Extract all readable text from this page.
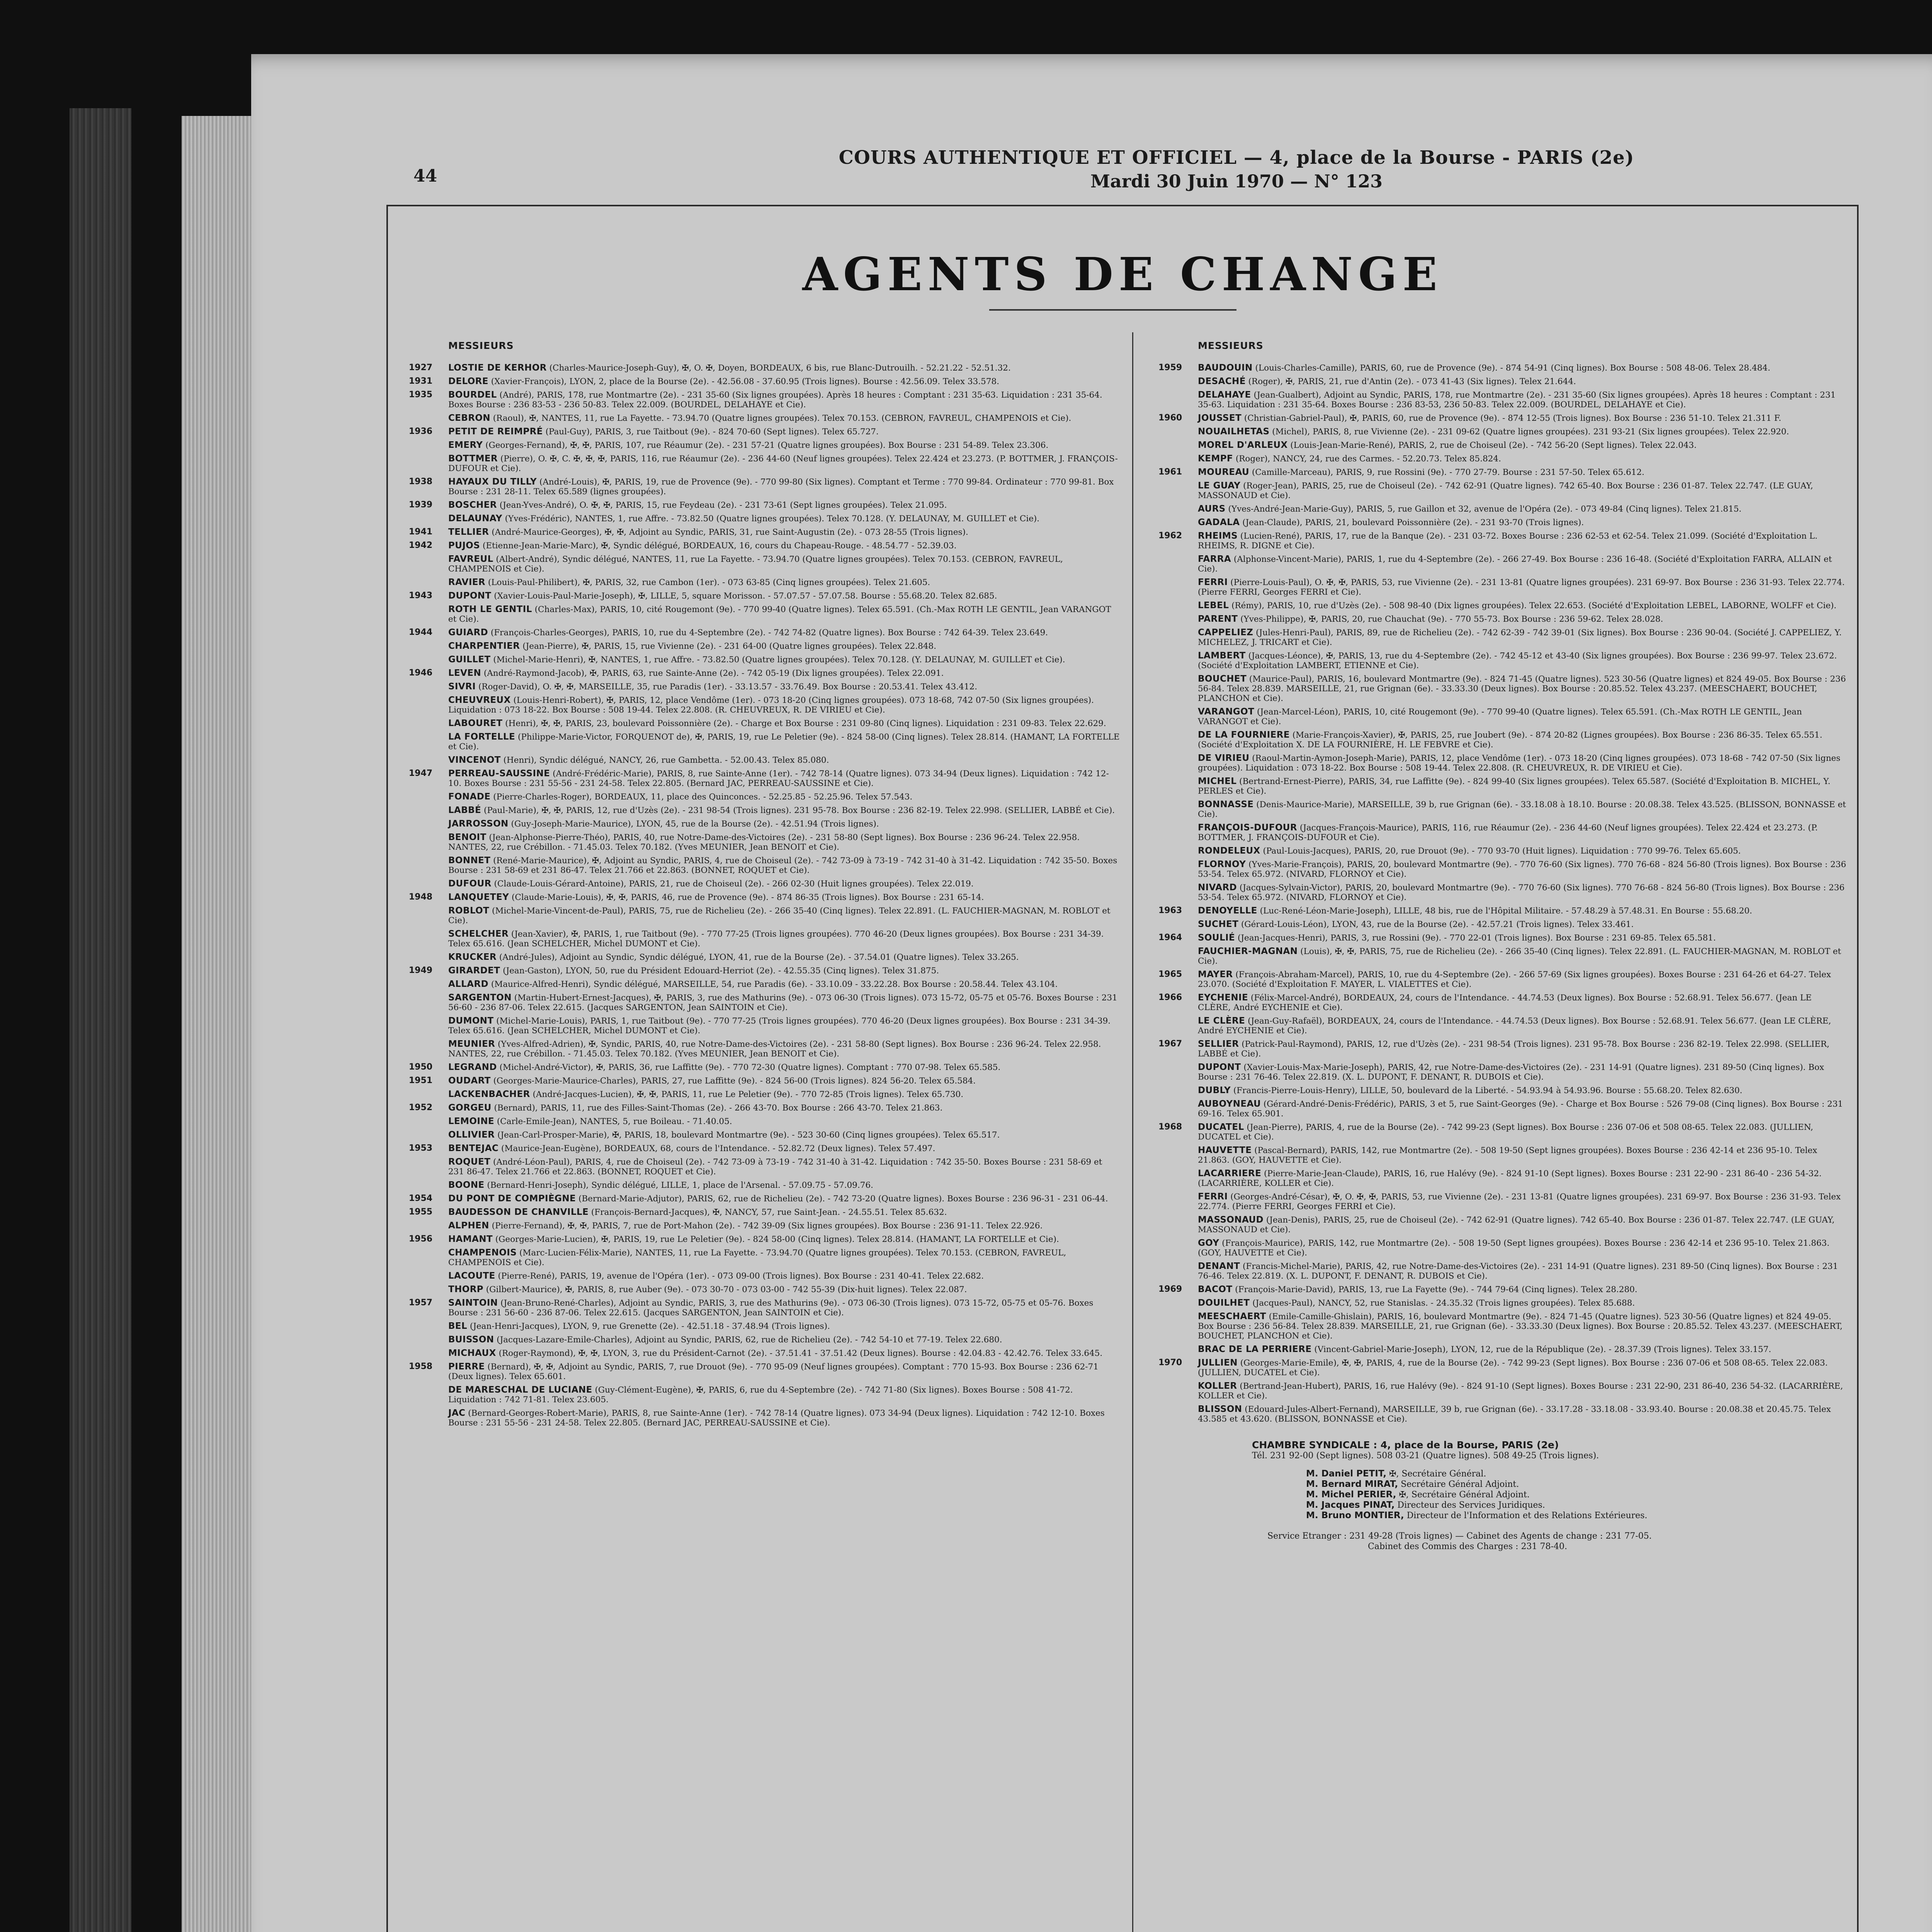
44
COURS AUTHENTIQUE ET OFFICIEL — 4, place de la Bourse - PARIS (2e)
Mardi 30 Juin 1970 — N° 123
AGENTS DE CHANGE
MESSIEURS
1927	LOSTIE DE KERHOR (Charles-Maurice-Joseph-Guy), ✠, O. ✠, Doyen, BORDEAUX, 6 bis, rue Blanc-Dutrouilh. - 52.21.22 - 52.51.32.
1931	DELORE (Xavier-François), LYON, 2, place de la Bourse (2e). - 42.56.08 - 37.60.95 (Trois lignes). Bourse : 42.56.09. Telex 33.578.
1935	BOURDEL (André), PARIS, 178, rue Montmartre (2e). - 231 35-60 (Six lignes groupées). Après 18 heures : Comptant : 231 35-63. Liquidation : 231 35-64. Boxes Bourse : 236 83-53 - 236 50-83. Telex 22.009. (BOURDEL, DELAHAYE et Cie).
CEBRON (Raoul), ✠, NANTES, 11, rue La Fayette. - 73.94.70 (Quatre lignes groupées). Telex 70.153. (CEBRON, FAVREUL, CHAMPENOIS et Cie).
1936	PETIT DE REIMPRÉ (Paul-Guy), PARIS, 3, rue Taitbout (9e). - 824 70-60 (Sept lignes). Telex 65.727.
EMERY (Georges-Fernand), ✠, ✠, PARIS, 107, rue Réaumur (2e). - 231 57-21 (Quatre lignes groupées). Box Bourse : 231 54-89. Telex 23.306.
BOTTMER (Pierre), O. ✠, C. ✠, ✠, ✠, PARIS, 116, rue Réaumur (2e). - 236 44-60 (Neuf lignes groupées). Telex 22.424 et 23.273. (P. BOTTMER, J. FRANÇOIS-DUFOUR et Cie).
1938	HAYAUX DU TILLY (André-Louis), ✠, PARIS, 19, rue de Provence (9e). - 770 99-80 (Six lignes). Comptant et Terme : 770 99-84. Ordinateur : 770 99-81. Box Bourse : 231 28-11. Telex 65.589 (lignes groupées).
1939	BOSCHER (Jean-Yves-André), O. ✠, ✠, PARIS, 15, rue Feydeau (2e). - 231 73-61 (Sept lignes groupées). Telex 21.095.
DELAUNAY (Yves-Frédéric), NANTES, 1, rue Affre. - 73.82.50 (Quatre lignes groupées). Telex 70.128. (Y. DELAUNAY, M. GUILLET et Cie).
1941	TELLIER (André-Maurice-Georges), ✠, ✠, Adjoint au Syndic, PARIS, 31, rue Saint-Augustin (2e). - 073 28-55 (Trois lignes).
1942	PUJOS (Etienne-Jean-Marie-Marc), ✠, Syndic délégué, BORDEAUX, 16, cours du Chapeau-Rouge. - 48.54.77 - 52.39.03.
FAVREUL (Albert-André), Syndic délégué, NANTES, 11, rue La Fayette. - 73.94.70 (Quatre lignes groupées). Telex 70.153. (CEBRON, FAVREUL, CHAMPENOIS et Cie).
RAVIER (Louis-Paul-Philibert), ✠, PARIS, 32, rue Cambon (1er). - 073 63-85 (Cinq lignes groupées). Telex 21.605.
1943	DUPONT (Xavier-Louis-Paul-Marie-Joseph), ✠, LILLE, 5, square Morisson. - 57.07.57 - 57.07.58. Bourse : 55.68.20. Telex 82.685.
ROTH LE GENTIL (Charles-Max), PARIS, 10, cité Rougemont (9e). - 770 99-40 (Quatre lignes). Telex 65.591. (Ch.-Max ROTH LE GENTIL, Jean VARANGOT et Cie).
1944	GUIARD (François-Charles-Georges), PARIS, 10, rue du 4-Septembre (2e). - 742 74-82 (Quatre lignes). Box Bourse : 742 64-39. Telex 23.649.
CHARPENTIER (Jean-Pierre), ✠, PARIS, 15, rue Vivienne (2e). - 231 64-00 (Quatre lignes groupées). Telex 22.848.
GUILLET (Michel-Marie-Henri), ✠, NANTES, 1, rue Affre. - 73.82.50 (Quatre lignes groupées). Telex 70.128. (Y. DELAUNAY, M. GUILLET et Cie).
1946	LEVEN (André-Raymond-Jacob), ✠, PARIS, 63, rue Sainte-Anne (2e). - 742 05-19 (Dix lignes groupées). Telex 22.091.
SIVRI (Roger-David), O. ✠, ✠, MARSEILLE, 35, rue Paradis (1er). - 33.13.57 - 33.76.49. Box Bourse : 20.53.41. Telex 43.412.
CHEUVREUX (Louis-Henri-Robert), ✠, PARIS, 12, place Vendôme (1er). - 073 18-20 (Cinq lignes groupées). 073 18-68, 742 07-50 (Six lignes groupées). Liquidation : 073 18-22. Box Bourse : 508 19-44. Telex 22.808. (R. CHEUVREUX, R. DE VIRIEU et Cie).
LABOURET (Henri), ✠, ✠, PARIS, 23, boulevard Poissonnière (2e). - Charge et Box Bourse : 231 09-80 (Cinq lignes). Liquidation : 231 09-83. Telex 22.629.
LA FORTELLE (Philippe-Marie-Victor, FORQUENOT de), ✠, PARIS, 19, rue Le Peletier (9e). - 824 58-00 (Cinq lignes). Telex 28.814. (HAMANT, LA FORTELLE et Cie).
VINCENOT (Henri), Syndic délégué, NANCY, 26, rue Gambetta. - 52.00.43. Telex 85.080.
1947	PERREAU-SAUSSINE (André-Frédéric-Marie), PARIS, 8, rue Sainte-Anne (1er). - 742 78-14 (Quatre lignes). 073 34-94 (Deux lignes). Liquidation : 742 12-10. Boxes Bourse : 231 55-56 - 231 24-58. Telex 22.805. (Bernard JAC, PERREAU-SAUSSINE et Cie).
FONADE (Pierre-Charles-Roger), BORDEAUX, 11, place des Quinconces. - 52.25.85 - 52.25.96. Telex 57.543.
LABBÉ (Paul-Marie), ✠, ✠, PARIS, 12, rue d'Uzès (2e). - 231 98-54 (Trois lignes). 231 95-78. Box Bourse : 236 82-19. Telex 22.998. (SELLIER, LABBÉ et Cie).
JARROSSON (Guy-Joseph-Marie-Maurice), LYON, 45, rue de la Bourse (2e). - 42.51.94 (Trois lignes).
BENOIT (Jean-Alphonse-Pierre-Théo), PARIS, 40, rue Notre-Dame-des-Victoires (2e). - 231 58-80 (Sept lignes). Box Bourse : 236 96-24. Telex 22.958. NANTES, 22, rue Crébillon. - 71.45.03. Telex 70.182. (Yves MEUNIER, Jean BENOIT et Cie).
BONNET (René-Marie-Maurice), ✠, Adjoint au Syndic, PARIS, 4, rue de Choiseul (2e). - 742 73-09 à 73-19 - 742 31-40 à 31-42. Liquidation : 742 35-50. Boxes Bourse : 231 58-69 et 231 86-47. Telex 21.766 et 22.863. (BONNET, ROQUET et Cie).
DUFOUR (Claude-Louis-Gérard-Antoine), PARIS, 21, rue de Choiseul (2e). - 266 02-30 (Huit lignes groupées). Telex 22.019.
1948	LANQUETEY (Claude-Marie-Louis), ✠, ✠, PARIS, 46, rue de Provence (9e). - 874 86-35 (Trois lignes). Box Bourse : 231 65-14.
ROBLOT (Michel-Marie-Vincent-de-Paul), PARIS, 75, rue de Richelieu (2e). - 266 35-40 (Cinq lignes). Telex 22.891. (L. FAUCHIER-MAGNAN, M. ROBLOT et Cie).
SCHELCHER (Jean-Xavier), ✠, PARIS, 1, rue Taitbout (9e). - 770 77-25 (Trois lignes groupées). 770 46-20 (Deux lignes groupées). Box Bourse : 231 34-39. Telex 65.616. (Jean SCHELCHER, Michel DUMONT et Cie).
KRUCKER (André-Jules), Adjoint au Syndic, Syndic délégué, LYON, 41, rue de la Bourse (2e). - 37.54.01 (Quatre lignes). Telex 33.265.
1949	GIRARDET (Jean-Gaston), LYON, 50, rue du Président Edouard-Herriot (2e). - 42.55.35 (Cinq lignes). Telex 31.875.
ALLARD (Maurice-Alfred-Henri), Syndic délégué, MARSEILLE, 54, rue Paradis (6e). - 33.10.09 - 33.22.28. Box Bourse : 20.58.44. Telex 43.104.
SARGENTON (Martin-Hubert-Ernest-Jacques), ✠, PARIS, 3, rue des Mathurins (9e). - 073 06-30 (Trois lignes). 073 15-72, 05-75 et 05-76. Boxes Bourse : 231 56-60 - 236 87-06. Telex 22.615. (Jacques SARGENTON, Jean SAINTOIN et Cie).
DUMONT (Michel-Marie-Louis), PARIS, 1, rue Taitbout (9e). - 770 77-25 (Trois lignes groupées). 770 46-20 (Deux lignes groupées). Box Bourse : 231 34-39. Telex 65.616. (Jean SCHELCHER, Michel DUMONT et Cie).
MEUNIER (Yves-Alfred-Adrien), ✠, Syndic, PARIS, 40, rue Notre-Dame-des-Victoires (2e). - 231 58-80 (Sept lignes). Box Bourse : 236 96-24. Telex 22.958. NANTES, 22, rue Crébillon. - 71.45.03. Telex 70.182. (Yves MEUNIER, Jean BENOIT et Cie).
1950	LEGRAND (Michel-André-Victor), ✠, PARIS, 36, rue Laffitte (9e). - 770 72-30 (Quatre lignes). Comptant : 770 07-98. Telex 65.585.
1951	OUDART (Georges-Marie-Maurice-Charles), PARIS, 27, rue Laffitte (9e). - 824 56-00 (Trois lignes). 824 56-20. Telex 65.584.
LACKENBACHER (André-Jacques-Lucien), ✠, ✠, PARIS, 11, rue Le Peletier (9e). - 770 72-85 (Trois lignes). Telex 65.730.
1952	GORGEU (Bernard), PARIS, 11, rue des Filles-Saint-Thomas (2e). - 266 43-70. Box Bourse : 266 43-70. Telex 21.863.
LEMOINE (Carle-Emile-Jean), NANTES, 5, rue Boileau. - 71.40.05.
OLLIVIER (Jean-Carl-Prosper-Marie), ✠, PARIS, 18, boulevard Montmartre (9e). - 523 30-60 (Cinq lignes groupées). Telex 65.517.
1953	BENTEJAC (Maurice-Jean-Eugène), BORDEAUX, 68, cours de l'Intendance. - 52.82.72 (Deux lignes). Telex 57.497.
ROQUET (André-Léon-Paul), PARIS, 4, rue de Choiseul (2e). - 742 73-09 à 73-19 - 742 31-40 à 31-42. Liquidation : 742 35-50. Boxes Bourse : 231 58-69 et 231 86-47. Telex 21.766 et 22.863. (BONNET, ROQUET et Cie).
BOONE (Bernard-Henri-Joseph), Syndic délégué, LILLE, 1, place de l'Arsenal. - 57.09.75 - 57.09.76.
1954	DU PONT DE COMPIÈGNE (Bernard-Marie-Adjutor), PARIS, 62, rue de Richelieu (2e). - 742 73-20 (Quatre lignes). Boxes Bourse : 236 96-31 - 231 06-44.
1955	BAUDESSON DE CHANVILLE (François-Bernard-Jacques), ✠, NANCY, 57, rue Saint-Jean. - 24.55.51. Telex 85.632.
ALPHEN (Pierre-Fernand), ✠, ✠, PARIS, 7, rue de Port-Mahon (2e). - 742 39-09 (Six lignes groupées). Box Bourse : 236 91-11. Telex 22.926.
1956	HAMANT (Georges-Marie-Lucien), ✠, PARIS, 19, rue Le Peletier (9e). - 824 58-00 (Cinq lignes). Telex 28.814. (HAMANT, LA FORTELLE et Cie).
CHAMPENOIS (Marc-Lucien-Félix-Marie), NANTES, 11, rue La Fayette. - 73.94.70 (Quatre lignes groupées). Telex 70.153. (CEBRON, FAVREUL, CHAMPENOIS et Cie).
LACOUTE (Pierre-René), PARIS, 19, avenue de l'Opéra (1er). - 073 09-00 (Trois lignes). Box Bourse : 231 40-41. Telex 22.682.
THORP (Gilbert-Maurice), ✠, PARIS, 8, rue Auber (9e). - 073 30-70 - 073 03-00 - 742 55-39 (Dix-huit lignes). Telex 22.087.
1957	SAINTOIN (Jean-Bruno-René-Charles), Adjoint au Syndic, PARIS, 3, rue des Mathurins (9e). - 073 06-30 (Trois lignes). 073 15-72, 05-75 et 05-76. Boxes Bourse : 231 56-60 - 236 87-06. Telex 22.615. (Jacques SARGENTON, Jean SAINTOIN et Cie).
BEL (Jean-Henri-Jacques), LYON, 9, rue Grenette (2e). - 42.51.18 - 37.48.94 (Trois lignes).
BUISSON (Jacques-Lazare-Emile-Charles), Adjoint au Syndic, PARIS, 62, rue de Richelieu (2e). - 742 54-10 et 77-19. Telex 22.680.
MICHAUX (Roger-Raymond), ✠, ✠, LYON, 3, rue du Président-Carnot (2e). - 37.51.41 - 37.51.42 (Deux lignes). Bourse : 42.04.83 - 42.42.76. Telex 33.645.
1958	PIERRE (Bernard), ✠, ✠, Adjoint au Syndic, PARIS, 7, rue Drouot (9e). - 770 95-09 (Neuf lignes groupées). Comptant : 770 15-93. Box Bourse : 236 62-71 (Deux lignes). Telex 65.601.
DE MARESCHAL DE LUCIANE (Guy-Clément-Eugène), ✠, PARIS, 6, rue du 4-Septembre (2e). - 742 71-80 (Six lignes). Boxes Bourse : 508 41-72. Liquidation : 742 71-81. Telex 23.605.
JAC (Bernard-Georges-Robert-Marie), PARIS, 8, rue Sainte-Anne (1er). - 742 78-14 (Quatre lignes). 073 34-94 (Deux lignes). Liquidation : 742 12-10. Boxes Bourse : 231 55-56 - 231 24-58. Telex 22.805. (Bernard JAC, PERREAU-SAUSSINE et Cie).
MESSIEURS
1959	BAUDOUIN (Louis-Charles-Camille), PARIS, 60, rue de Provence (9e). - 874 54-91 (Cinq lignes). Box Bourse : 508 48-06. Telex 28.484.
DESACHÉ (Roger), ✠, PARIS, 21, rue d'Antin (2e). - 073 41-43 (Six lignes). Telex 21.644.
DELAHAYE (Jean-Gualbert), Adjoint au Syndic, PARIS, 178, rue Montmartre (2e). - 231 35-60 (Six lignes groupées). Après 18 heures : Comptant : 231 35-63. Liquidation : 231 35-64. Boxes Bourse : 236 83-53, 236 50-83. Telex 22.009. (BOURDEL, DELAHAYE et Cie).
1960	JOUSSET (Christian-Gabriel-Paul), ✠, PARIS, 60, rue de Provence (9e). - 874 12-55 (Trois lignes). Box Bourse : 236 51-10. Telex 21.311 F.
NOUAILHETAS (Michel), PARIS, 8, rue Vivienne (2e). - 231 09-62 (Quatre lignes groupées). 231 93-21 (Six lignes groupées). Telex 22.920.
MOREL D'ARLEUX (Louis-Jean-Marie-René), PARIS, 2, rue de Choiseul (2e). - 742 56-20 (Sept lignes). Telex 22.043.
KEMPF (Roger), NANCY, 24, rue des Carmes. - 52.20.73. Telex 85.824.
1961	MOUREAU (Camille-Marceau), PARIS, 9, rue Rossini (9e). - 770 27-79. Bourse : 231 57-50. Telex 65.612.
LE GUAY (Roger-Jean), PARIS, 25, rue de Choiseul (2e). - 742 62-91 (Quatre lignes). 742 65-40. Box Bourse : 236 01-87. Telex 22.747. (LE GUAY, MASSONAUD et Cie).
AURS (Yves-André-Jean-Marie-Guy), PARIS, 5, rue Gaillon et 32, avenue de l'Opéra (2e). - 073 49-84 (Cinq lignes). Telex 21.815.
GADALA (Jean-Claude), PARIS, 21, boulevard Poissonnière (2e). - 231 93-70 (Trois lignes).
1962	RHEIMS (Lucien-René), PARIS, 17, rue de la Banque (2e). - 231 03-72. Boxes Bourse : 236 62-53 et 62-54. Telex 21.099. (Société d'Exploitation L. RHEIMS, R. DIGNE et Cie).
FARRA (Alphonse-Vincent-Marie), PARIS, 1, rue du 4-Septembre (2e). - 266 27-49. Box Bourse : 236 16-48. (Société d'Exploitation FARRA, ALLAIN et Cie).
FERRI (Pierre-Louis-Paul), O. ✠, ✠, PARIS, 53, rue Vivienne (2e). - 231 13-81 (Quatre lignes groupées). 231 69-97. Box Bourse : 236 31-93. Telex 22.774. (Pierre FERRI, Georges FERRI et Cie).
LEBEL (Rémy), PARIS, 10, rue d'Uzès (2e). - 508 98-40 (Dix lignes groupées). Telex 22.653. (Société d'Exploitation LEBEL, LABORNE, WOLFF et Cie).
PARENT (Yves-Philippe), ✠, PARIS, 20, rue Chauchat (9e). - 770 55-73. Box Bourse : 236 59-62. Telex 28.028.
CAPPELIEZ (Jules-Henri-Paul), PARIS, 89, rue de Richelieu (2e). - 742 62-39 - 742 39-01 (Six lignes). Box Bourse : 236 90-04. (Société J. CAPPELIEZ, Y. MICHELEZ, J. TRICART et Cie).
LAMBERT (Jacques-Léonce), ✠, PARIS, 13, rue du 4-Septembre (2e). - 742 45-12 et 43-40 (Six lignes groupées). Box Bourse : 236 99-97. Telex 23.672. (Société d'Exploitation LAMBERT, ETIENNE et Cie).
BOUCHET (Maurice-Paul), PARIS, 16, boulevard Montmartre (9e). - 824 71-45 (Quatre lignes). 523 30-56 (Quatre lignes) et 824 49-05. Box Bourse : 236 56-84. Telex 28.839. MARSEILLE, 21, rue Grignan (6e). - 33.33.30 (Deux lignes). Box Bourse : 20.85.52. Telex 43.237. (MEESCHAERT, BOUCHET, PLANCHON et Cie).
VARANGOT (Jean-Marcel-Léon), PARIS, 10, cité Rougemont (9e). - 770 99-40 (Quatre lignes). Telex 65.591. (Ch.-Max ROTH LE GENTIL, Jean VARANGOT et Cie).
DE LA FOURNIERE (Marie-François-Xavier), ✠, PARIS, 25, rue Joubert (9e). - 874 20-82 (Lignes groupées). Box Bourse : 236 86-35. Telex 65.551. (Société d'Exploitation X. DE LA FOURNIÈRE, H. LE FEBVRE et Cie).
DE VIRIEU (Raoul-Martin-Aymon-Joseph-Marie), PARIS, 12, place Vendôme (1er). - 073 18-20 (Cinq lignes groupées). 073 18-68 - 742 07-50 (Six lignes groupées). Liquidation : 073 18-22. Box Bourse : 508 19-44. Telex 22.808. (R. CHEUVREUX, R. DE VIRIEU et Cie).
MICHEL (Bertrand-Ernest-Pierre), PARIS, 34, rue Laffitte (9e). - 824 99-40 (Six lignes groupées). Telex 65.587. (Société d'Exploitation B. MICHEL, Y. PERLES et Cie).
BONNASSE (Denis-Maurice-Marie), MARSEILLE, 39 b, rue Grignan (6e). - 33.18.08 à 18.10. Bourse : 20.08.38. Telex 43.525. (BLISSON, BONNASSE et Cie).
FRANÇOIS-DUFOUR (Jacques-François-Maurice), PARIS, 116, rue Réaumur (2e). - 236 44-60 (Neuf lignes groupées). Telex 22.424 et 23.273. (P. BOTTMER, J. FRANÇOIS-DUFOUR et Cie).
RONDELEUX (Paul-Louis-Jacques), PARIS, 20, rue Drouot (9e). - 770 93-70 (Huit lignes). Liquidation : 770 99-76. Telex 65.605.
FLORNOY (Yves-Marie-François), PARIS, 20, boulevard Montmartre (9e). - 770 76-60 (Six lignes). 770 76-68 - 824 56-80 (Trois lignes). Box Bourse : 236 53-54. Telex 65.972. (NIVARD, FLORNOY et Cie).
NIVARD (Jacques-Sylvain-Victor), PARIS, 20, boulevard Montmartre (9e). - 770 76-60 (Six lignes). 770 76-68 - 824 56-80 (Trois lignes). Box Bourse : 236 53-54. Telex 65.972. (NIVARD, FLORNOY et Cie).
1963	DENOYELLE (Luc-René-Léon-Marie-Joseph), LILLE, 48 bis, rue de l'Hôpital Militaire. - 57.48.29 à 57.48.31. En Bourse : 55.68.20.
SUCHET (Gérard-Louis-Léon), LYON, 43, rue de la Bourse (2e). - 42.57.21 (Trois lignes). Telex 33.461.
1964	SOULIÉ (Jean-Jacques-Henri), PARIS, 3, rue Rossini (9e). - 770 22-01 (Trois lignes). Box Bourse : 231 69-85. Telex 65.581.
FAUCHIER-MAGNAN (Louis), ✠, ✠, PARIS, 75, rue de Richelieu (2e). - 266 35-40 (Cinq lignes). Telex 22.891. (L. FAUCHIER-MAGNAN, M. ROBLOT et Cie).
1965	MAYER (François-Abraham-Marcel), PARIS, 10, rue du 4-Septembre (2e). - 266 57-69 (Six lignes groupées). Boxes Bourse : 231 64-26 et 64-27. Telex 23.070. (Société d'Exploitation F. MAYER, L. VIALETTES et Cie).
1966	EYCHENIE (Félix-Marcel-André), BORDEAUX, 24, cours de l'Intendance. - 44.74.53 (Deux lignes). Box Bourse : 52.68.91. Telex 56.677. (Jean LE CLÈRE, André EYCHENIE et Cie).
LE CLÈRE (Jean-Guy-Rafaël), BORDEAUX, 24, cours de l'Intendance. - 44.74.53 (Deux lignes). Box Bourse : 52.68.91. Telex 56.677. (Jean LE CLÈRE, André EYCHENIE et Cie).
1967	SELLIER (Patrick-Paul-Raymond), PARIS, 12, rue d'Uzès (2e). - 231 98-54 (Trois lignes). 231 95-78. Box Bourse : 236 82-19. Telex 22.998. (SELLIER, LABBÉ et Cie).
DUPONT (Xavier-Louis-Max-Marie-Joseph), PARIS, 42, rue Notre-Dame-des-Victoires (2e). - 231 14-91 (Quatre lignes). 231 89-50 (Cinq lignes). Box Bourse : 231 76-46. Telex 22.819. (X. L. DUPONT, F. DENANT, R. DUBOIS et Cie).
DUBLY (Francis-Pierre-Louis-Henry), LILLE, 50, boulevard de la Liberté. - 54.93.94 à 54.93.96. Bourse : 55.68.20. Telex 82.630.
AUBOYNEAU (Gérard-André-Denis-Frédéric), PARIS, 3 et 5, rue Saint-Georges (9e). - Charge et Box Bourse : 526 79-08 (Cinq lignes). Box Bourse : 231 69-16. Telex 65.901.
1968	DUCATEL (Jean-Pierre), PARIS, 4, rue de la Bourse (2e). - 742 99-23 (Sept lignes). Box Bourse : 236 07-06 et 508 08-65. Telex 22.083. (JULLIEN, DUCATEL et Cie).
HAUVETTE (Pascal-Bernard), PARIS, 142, rue Montmartre (2e). - 508 19-50 (Sept lignes groupées). Boxes Bourse : 236 42-14 et 236 95-10. Telex 21.863. (GOY, HAUVETTE et Cie).
LACARRIERE (Pierre-Marie-Jean-Claude), PARIS, 16, rue Halévy (9e). - 824 91-10 (Sept lignes). Boxes Bourse : 231 22-90 - 231 86-40 - 236 54-32. (LACARRIÈRE, KOLLER et Cie).
FERRI (Georges-André-César), ✠, O. ✠, ✠, PARIS, 53, rue Vivienne (2e). - 231 13-81 (Quatre lignes groupées). 231 69-97. Box Bourse : 236 31-93. Telex 22.774. (Pierre FERRI, Georges FERRI et Cie).
MASSONAUD (Jean-Denis), PARIS, 25, rue de Choiseul (2e). - 742 62-91 (Quatre lignes). 742 65-40. Box Bourse : 236 01-87. Telex 22.747. (LE GUAY, MASSONAUD et Cie).
GOY (François-Maurice), PARIS, 142, rue Montmartre (2e). - 508 19-50 (Sept lignes groupées). Boxes Bourse : 236 42-14 et 236 95-10. Telex 21.863. (GOY, HAUVETTE et Cie).
DENANT (Francis-Michel-Marie), PARIS, 42, rue Notre-Dame-des-Victoires (2e). - 231 14-91 (Quatre lignes). 231 89-50 (Cinq lignes). Box Bourse : 231 76-46. Telex 22.819. (X. L. DUPONT, F. DENANT, R. DUBOIS et Cie).
1969	BACOT (François-Marie-David), PARIS, 13, rue La Fayette (9e). - 744 79-64 (Cinq lignes). Telex 28.280.
DOUILHET (Jacques-Paul), NANCY, 52, rue Stanislas. - 24.35.32 (Trois lignes groupées). Telex 85.688.
MEESCHAERT (Emile-Camille-Ghislain), PARIS, 16, boulevard Montmartre (9e). - 824 71-45 (Quatre lignes). 523 30-56 (Quatre lignes) et 824 49-05. Box Bourse : 236 56-84. Telex 28.839. MARSEILLE, 21, rue Grignan (6e). - 33.33.30 (Deux lignes). Box Bourse : 20.85.52. Telex 43.237. (MEESCHAERT, BOUCHET, PLANCHON et Cie).
BRAC DE LA PERRIERE (Vincent-Gabriel-Marie-Joseph), LYON, 12, rue de la République (2e). - 28.37.39 (Trois lignes). Telex 33.157.
1970	JULLIEN (Georges-Marie-Emile), ✠, ✠, PARIS, 4, rue de la Bourse (2e). - 742 99-23 (Sept lignes). Box Bourse : 236 07-06 et 508 08-65. Telex 22.083. (JULLIEN, DUCATEL et Cie).
KOLLER (Bertrand-Jean-Hubert), PARIS, 16, rue Halévy (9e). - 824 91-10 (Sept lignes). Boxes Bourse : 231 22-90, 231 86-40, 236 54-32. (LACARRIÈRE, KOLLER et Cie).
BLISSON (Edouard-Jules-Albert-Fernand), MARSEILLE, 39 b, rue Grignan (6e). - 33.17.28 - 33.18.08 - 33.93.40. Bourse : 20.08.38 et 20.45.75. Telex 43.585 et 43.620. (BLISSON, BONNASSE et Cie).
CHAMBRE SYNDICALE : 4, place de la Bourse, PARIS (2e)
Tél. 231 92-00 (Sept lignes). 508 03-21 (Quatre lignes). 508 49-25 (Trois lignes).
M. Daniel PETIT, ✠, Secrétaire Général.
M. Bernard MIRAT, Secrétaire Général Adjoint.
M. Michel PERIER, ✠, Secrétaire Général Adjoint.
M. Jacques PINAT, Directeur des Services Juridiques.
M. Bruno MONTIER, Directeur de l'Information et des Relations Extérieures.
Service Etranger : 231 49-28 (Trois lignes) — Cabinet des Agents de change : 231 77-05.
Cabinet des Commis des Charges : 231 78-40.
